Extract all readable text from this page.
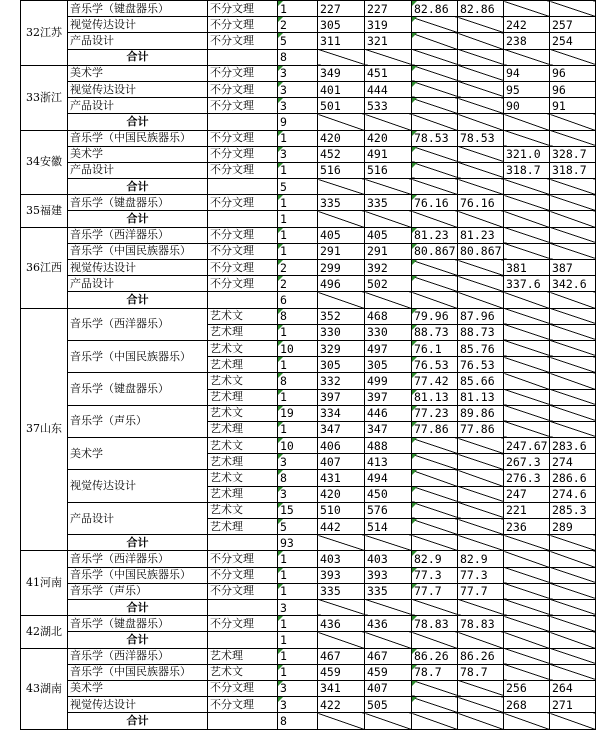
32江苏	音乐学（键盘器乐）	不分文理	1	227	227	82.86	82.86		
	视觉传达设计	不分文理	2	305	319			242	257
	产品设计	不分文理	5	311	321			238	254
	合计		8						
33浙江	美术学	不分文理	3	349	451			94	96
	视觉传达设计	不分文理	3	401	444			95	96
	产品设计	不分文理	3	501	533			90	91
	合计		9						
34安徽	音乐学（中国民族器乐）	不分文理	1	420	420	78.53	78.53		
	美术学	不分文理	3	452	491			321.0	328.7
	产品设计	不分文理	1	516	516			318.7	318.7
	合计		5						
35福建	音乐学（键盘器乐）	不分文理	1	335	335	76.16	76.16		
	合计		1						
36江西	音乐学（西洋器乐）	不分文理	1	405	405	81.23	81.23		
	音乐学（中国民族器乐）	不分文理	1	291	291	80.867	80.867		
	视觉传达设计	不分文理	2	299	392			381	387
	产品设计	不分文理	2	496	502			337.6	342.6
	合计		6						
37山东	音乐学（西洋器乐）	艺术文	8	352	468	79.96	87.96		
		艺术理	1	330	330	88.73	88.73		
	音乐学（中国民族器乐）	艺术文	10	329	497	76.1	85.76		
		艺术理	1	305	305	76.53	76.53		
	音乐学（键盘器乐）	艺术文	8	332	499	77.42	85.66		
		艺术理	1	397	397	81.13	81.13		
	音乐学（声乐）	艺术文	19	334	446	77.23	89.86		
		艺术理	1	347	347	77.86	77.86		
	美术学	艺术文	10	406	488			247.67	283.6
		艺术理	3	407	413			267.3	274
	视觉传达设计	艺术文	8	431	494			276.3	286.6
		艺术理	3	420	450			247	274.6
	产品设计	艺术文	15	510	576			221	285.3
		艺术理	5	442	514			236	289
	合计		93						
41河南	音乐学（西洋器乐）	不分文理	1	403	403	82.9	82.9		
	音乐学（中国民族器乐）	不分文理	1	393	393	77.3	77.3		
	音乐学（声乐）	不分文理	1	335	335	77.7	77.7		
	合计		3						
42湖北	音乐学（键盘器乐）	不分文理	1	436	436	78.83	78.83		
	合计		1						
43湖南	音乐学（西洋器乐）	艺术理	1	467	467	86.26	86.26		
	音乐学（中国民族器乐）	艺术文	1	459	459	78.7	78.7		
	美术学	不分文理	3	341	407			256	264
	视觉传达设计	不分文理	3	422	505			268	271
	合计		8						
